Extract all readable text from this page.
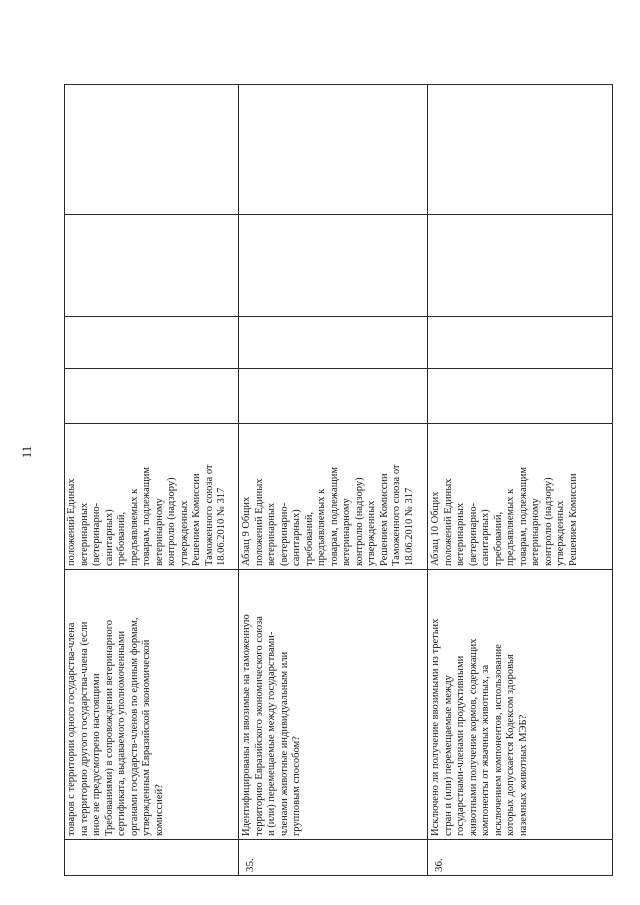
11
товаров с территории одного государства-члена
на территорию другого государства-члена (если
иное не предусмотрено настоящими
Требованиями) в сопровождении ветеринарного
сертификата, выдаваемого уполномоченными
органами государств-членов по единым формам,
утвержденным Евразийской экономической
комиссией?
положений Единых
ветеринарных
(ветеринарно-
санитарных)
требований,
предъявляемых к
товарам, подлежащим
ветеринарному
контролю (надзору)
утвержденных
Решением Комиссии
Таможенного союза от
18.06.2010 № 317
35.
Идентифицированы ли ввозимые на таможенную
территорию Евразийского экономического союза
и (или) перемещаемые между государствами-
членами животные индивидуальным или
групповым способом?
Абзац 9 Общих
положений Единых
ветеринарных
(ветеринарно-
санитарных)
требований,
предъявляемых к
товарам, подлежащим
ветеринарному
контролю (надзору)
утвержденных
Решением Комиссии
Таможенного союза от
18.06.2010 № 317
36.
Исключено ли получение ввозимыми из третьих
стран и (или) перемещаемые между
государствами-членами продуктивными
животными получение кормов, содержащих
компоненты от жвачных животных, за
исключением компонентов, использование
которых допускается Кодексом здоровья
наземных животных МЭБ?
Абзац 10 Общих
положений Единых
ветеринарных
(ветеринарно-
санитарных)
требований,
предъявляемых к
товарам, подлежащим
ветеринарному
контролю (надзору)
утвержденных
Решением Комиссии
